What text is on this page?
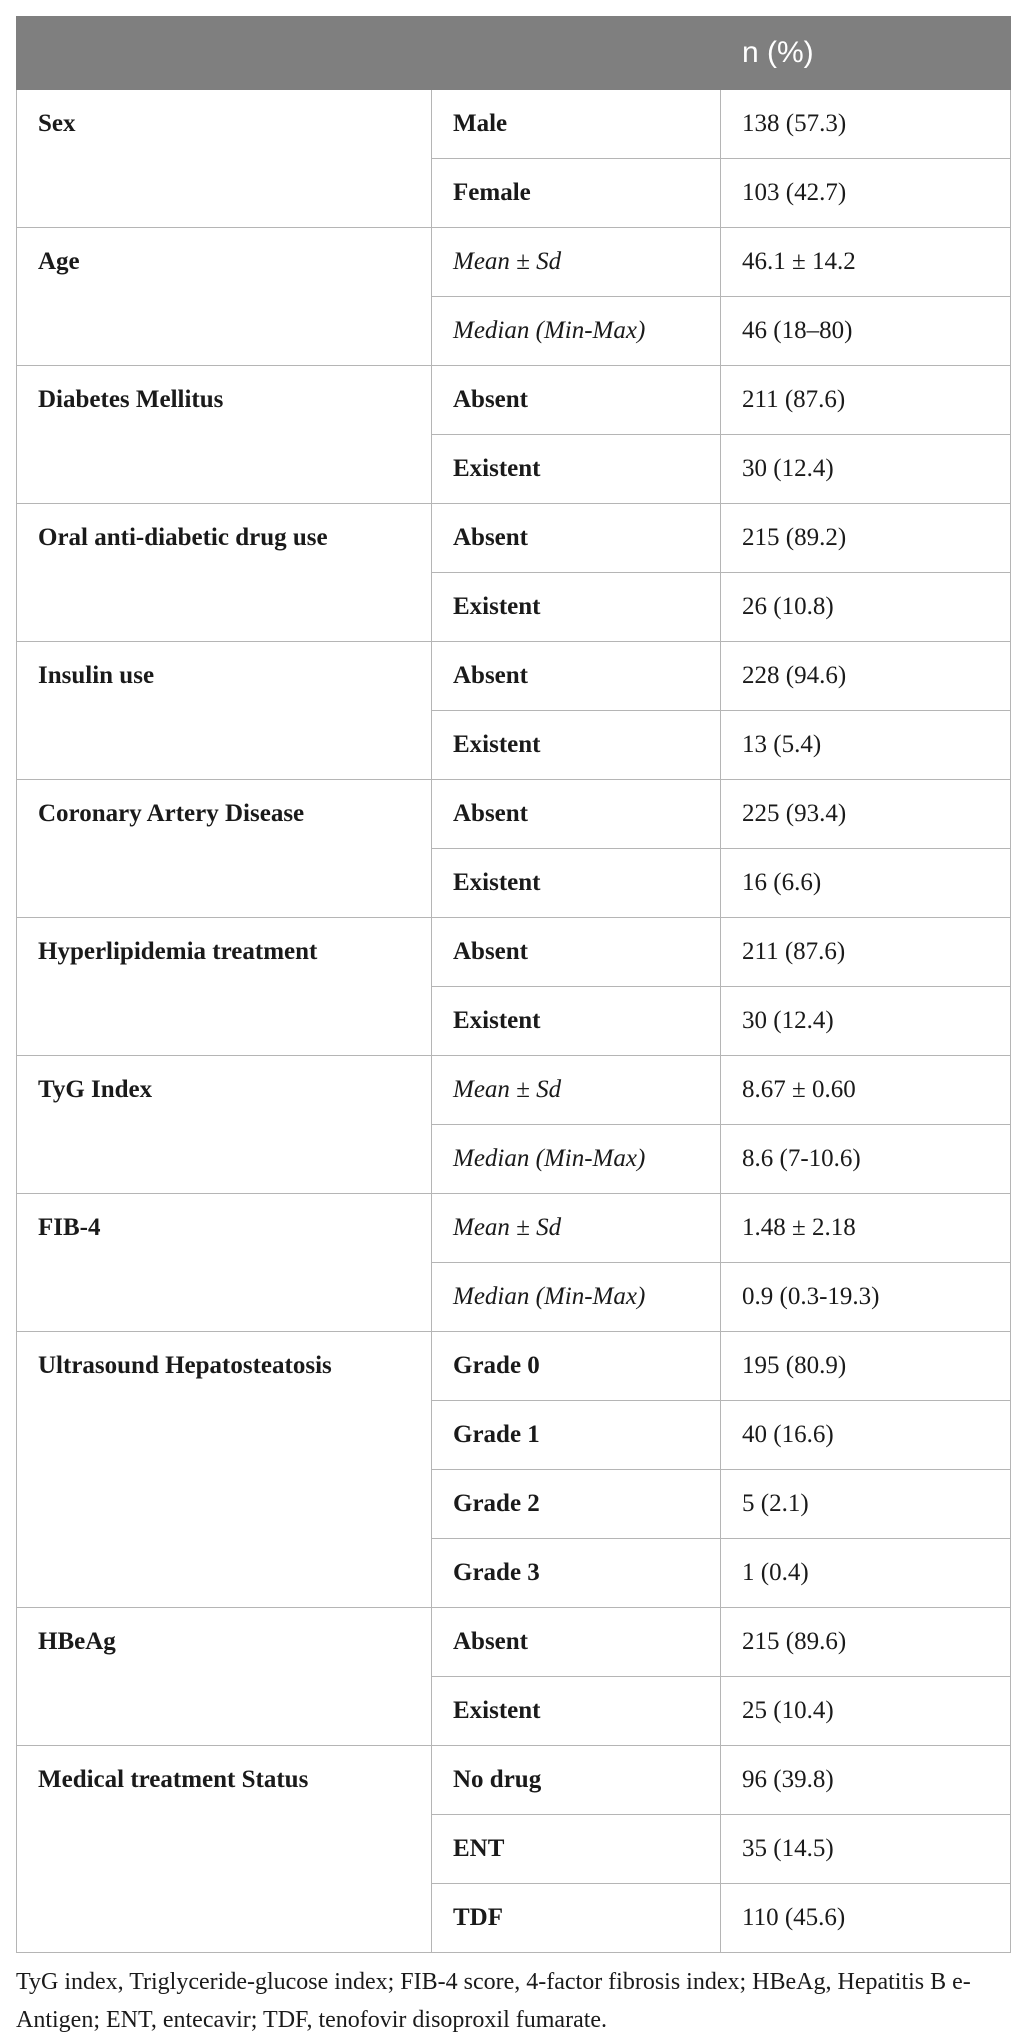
		n (%)

Sex	Male	138 (57.3)
	Female	103 (42.7)

Age	Mean ± Sd	46.1 ± 14.2
	Median (Min-Max)	46 (18–80)

Diabetes Mellitus	Absent	211 (87.6)
	Existent	30 (12.4)

Oral anti-diabetic drug use	Absent	215 (89.2)
	Existent	26 (10.8)

Insulin use	Absent	228 (94.6)
	Existent	13 (5.4)

Coronary Artery Disease	Absent	225 (93.4)
	Existent	16 (6.6)

Hyperlipidemia treatment	Absent	211 (87.6)
	Existent	30 (12.4)

TyG Index	Mean ± Sd	8.67 ± 0.60
	Median (Min-Max)	8.6 (7-10.6)

FIB-4	Mean ± Sd	1.48 ± 2.18
	Median (Min-Max)	0.9 (0.3-19.3)

Ultrasound Hepatosteatosis	Grade 0	195 (80.9)
	Grade 1	40 (16.6)
	Grade 2	5 (2.1)
	Grade 3	1 (0.4)

HBeAg	Absent	215 (89.6)
	Existent	25 (10.4)

Medical treatment Status	No drug	96 (39.8)
	ENT	35 (14.5)
	TDF	110 (45.6)
TyG index, Triglyceride-glucose index; FIB-4 score, 4-factor fibrosis index; HBeAg, Hepatitis B e-Antigen; ENT, entecavir; TDF, tenofovir disoproxil fumarate.
